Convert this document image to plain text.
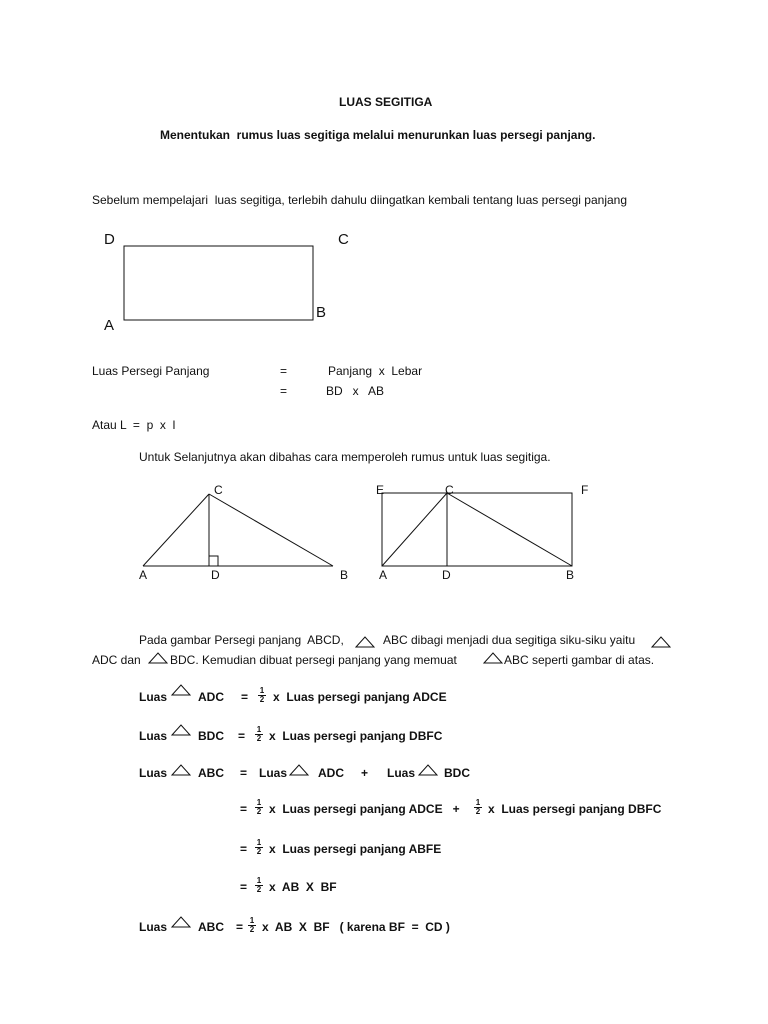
LUAS SEGITIGA
Menentukan  rumus luas segitiga melalui menurunkan luas persegi panjang.
Sebelum mempelajari  luas segitiga, terlebih dahulu diingatkan kembali tentang luas persegi panjang
D	C
A
B
Luas Persegi Panjang	=	Panjang  x  Lebar
=	BD   x   AB
Atau L  =  p  x  l
Untuk Selanjutnya akan dibahas cara memperoleh rumus untuk luas segitiga.
C
A	D	B
E	C	F
A	D	B
Pada gambar Persegi panjang  ABCD,	ABC dibagi menjadi dua segitiga siku-siku yaitu
ADC dan BDC. Kemudian dibuat persegi panjang yang memuat	ABC seperti gambar di atas.
Luas	ADC = 1
2 x  Luas persegi panjang ADCE
Luas	BDC = 1
2 x  Luas persegi panjang DBFC
Luas	ABC = Luas	ADC + Luas BDC
= 1
2 x  Luas persegi panjang ADCE   + 1
2 x  Luas persegi panjang DBFC
= 1
2 x  Luas persegi panjang ABFE
= 1
2 x  AB  X  BF
Luas	ABC = 1
2 x  AB  X  BF   ( karena BF  =  CD )
